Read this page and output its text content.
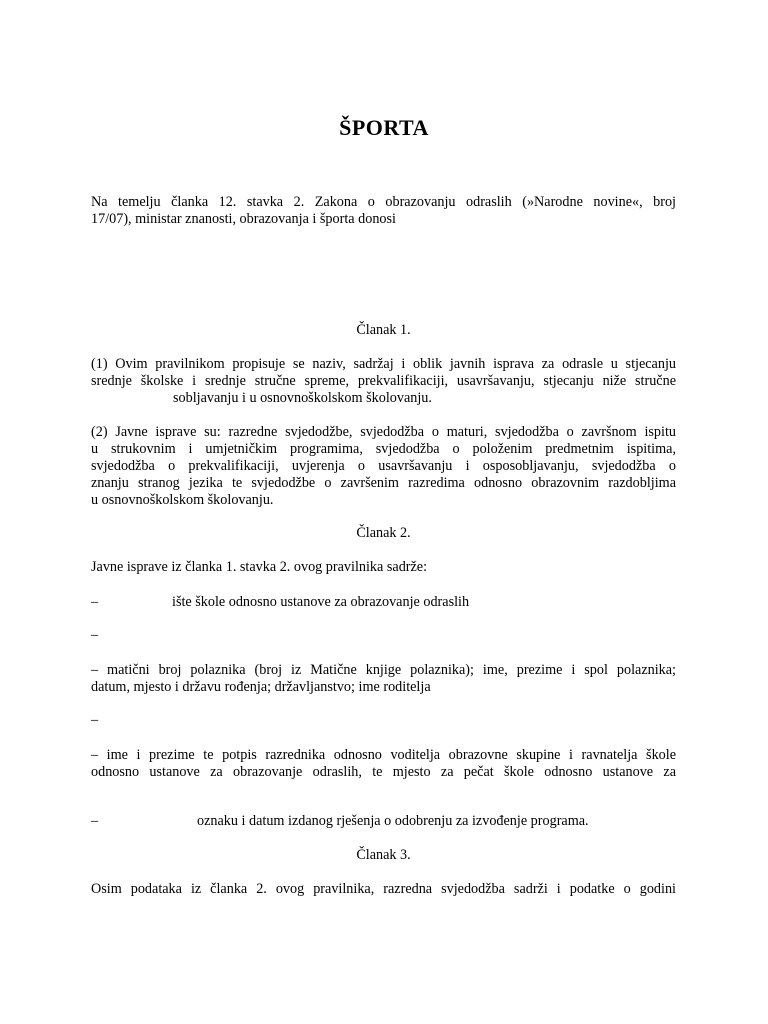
ŠPORTA

Na temelju članka 12. stavka 2. Zakona o obrazovanju odraslih (»Narodne novine«, broj
17/07), ministar znanosti, obrazovanja i športa donosi

Članak 1.

(1) Ovim pravilnikom propisuje se naziv, sadržaj i oblik javnih isprava za odrasle u stjecanju
srednje školske i srednje stručne spreme, prekvalifikaciji, usavršavanju, stjecanju niže stručne
sobljavanju i u osnovnoškolskom školovanju.

(2) Javne isprave su: razredne svjedodžbe, svjedodžba o maturi, svjedodžba o završnom ispitu
u strukovnim i umjetničkim programima, svjedodžba o položenim predmetnim ispitima,
svjedodžba o prekvalifikaciji, uvjerenja o usavršavanju i osposobljavanju, svjedodžba o
znanju stranog jezika te svjedodžbe o završenim razredima odnosno obrazovnim razdobljima
u osnovnoškolskom školovanju.

Članak 2.

Javne isprave iz članka 1. stavka 2. ovog pravilnika sadrže:

–	ište škole odnosno ustanove za obrazovanje odraslih
–

– matični broj polaznika (broj iz Matične knjige polaznika); ime, prezime i spol polaznika;
datum, mjesto i državu rođenja; državljanstvo; ime roditelja

–

– ime i prezime te potpis razrednika odnosno voditelja obrazovne skupine i ravnatelja škole
odnosno ustanove za obrazovanje odraslih, te mjesto za pečat škole odnosno ustanove za

–	oznaku i datum izdanog rješenja o odobrenju za izvođenje programa.

Članak 3.

Osim podataka iz članka 2. ovog pravilnika, razredna svjedodžba sadrži i podatke o godini
